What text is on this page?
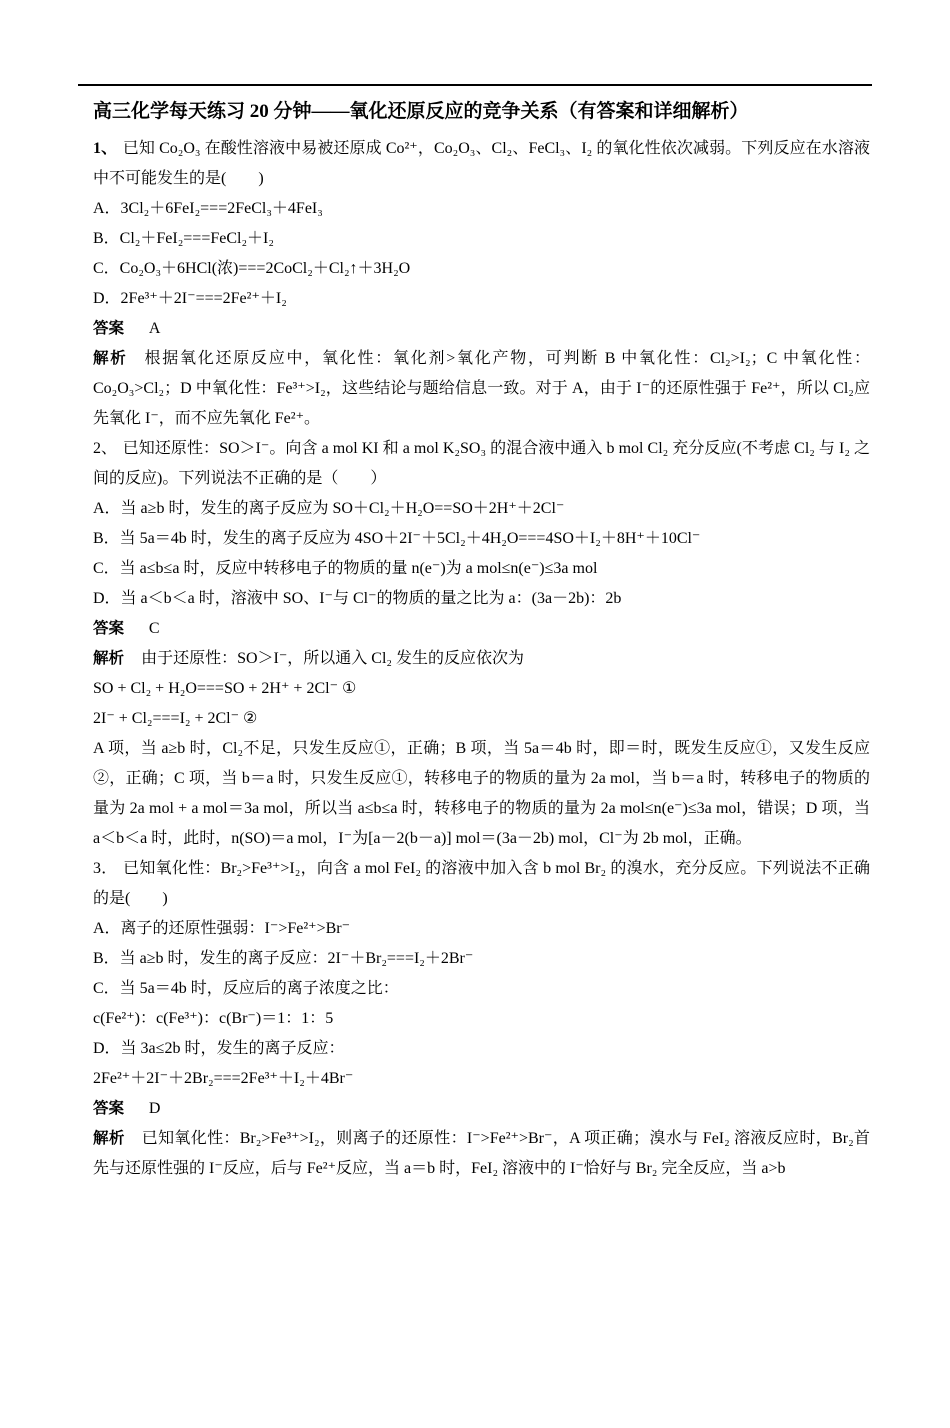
高三化学每天练习 20 分钟——氧化还原反应的竞争关系（有答案和详细解析）

1、 已知 Co₂O₃ 在酸性溶液中易被还原成 Co²⁺，Co₂O₃、Cl₂、FeCl₃、I₂ 的氧化性依次减弱。下列反应在水溶液中不可能发生的是(　　)

A．3Cl₂＋6FeI₂===2FeCl₃＋4FeI₃

B．Cl₂＋FeI₂===FeCl₂＋I₂

C．Co₂O₃＋6HCl(浓)===2CoCl₂＋Cl₂↑＋3H₂O

D．2Fe³⁺＋2I⁻===2Fe²⁺＋I₂

答案 A

解析 根据氧化还原反应中，氧化性：氧化剂>氧化产物，可判断 B 中氧化性：Cl₂>I₂；C 中氧化性：Co₂O₃>Cl₂；D 中氧化性：Fe³⁺>I₂，这些结论与题给信息一致。对于 A，由于 I⁻的还原性强于 Fe²⁺，所以 Cl₂应先氧化 I⁻，而不应先氧化 Fe²⁺。

2、 已知还原性：SO＞I⁻。向含 a mol KI 和 a mol K₂SO₃ 的混合液中通入 b mol Cl₂ 充分反应(不考虑 Cl₂ 与 I₂ 之间的反应)。下列说法不正确的是（　　）

A．当 a≥b 时，发生的离子反应为 SO＋Cl₂＋H₂O==SO＋2H⁺＋2Cl⁻

B．当 5a＝4b 时，发生的离子反应为 4SO＋2I⁻＋5Cl₂＋4H₂O===4SO＋I₂＋8H⁺＋10Cl⁻

C．当 a≤b≤a 时，反应中转移电子的物质的量 n(e⁻)为 a mol≤n(e⁻)≤3a mol

D．当 a＜b＜a 时，溶液中 SO、I⁻与 Cl⁻的物质的量之比为 a：(3a－2b)：2b

答案 C

解析 由于还原性：SO＞I⁻，所以通入 Cl₂ 发生的反应依次为

SO + Cl₂ + H₂O===SO + 2H⁺ + 2Cl⁻ ①

2I⁻ + Cl₂===I₂ + 2Cl⁻ ②

A 项，当 a≥b 时，Cl₂不足，只发生反应①，正确；B 项，当 5a＝4b 时，即＝时，既发生反应①，又发生反应②，正确；C 项，当 b＝a 时，只发生反应①，转移电子的物质的量为 2a mol，当 b＝a 时，转移电子的物质的量为 2a mol + a mol＝3a mol，所以当 a≤b≤a 时，转移电子的物质的量为 2a mol≤n(e⁻)≤3a mol，错误；D 项，当 a＜b＜a 时，此时，n(SO)＝a mol，I⁻为[a－2(b－a)] mol＝(3a－2b) mol，Cl⁻为 2b mol，正确。

3． 已知氧化性：Br₂>Fe³⁺>I₂，向含 a mol FeI₂ 的溶液中加入含 b mol Br₂ 的溴水，充分反应。下列说法不正确的是(　　)

A．离子的还原性强弱：I⁻>Fe²⁺>Br⁻

B．当 a≥b 时，发生的离子反应：2I⁻＋Br₂===I₂＋2Br⁻

C．当 5a＝4b 时，反应后的离子浓度之比：

c(Fe²⁺)：c(Fe³⁺)：c(Br⁻)＝1：1：5

D．当 3a≤2b 时，发生的离子反应：

2Fe²⁺＋2I⁻＋2Br₂===2Fe³⁺＋I₂＋4Br⁻

答案 D

解析 已知氧化性：Br₂>Fe³⁺>I₂，则离子的还原性：I⁻>Fe²⁺>Br⁻，A 项正确；溴水与 FeI₂ 溶液反应时，Br₂首先与还原性强的 I⁻反应，后与 Fe²⁺反应，当 a＝b 时，FeI₂ 溶液中的 I⁻恰好与 Br₂ 完全反应，当 a>b
